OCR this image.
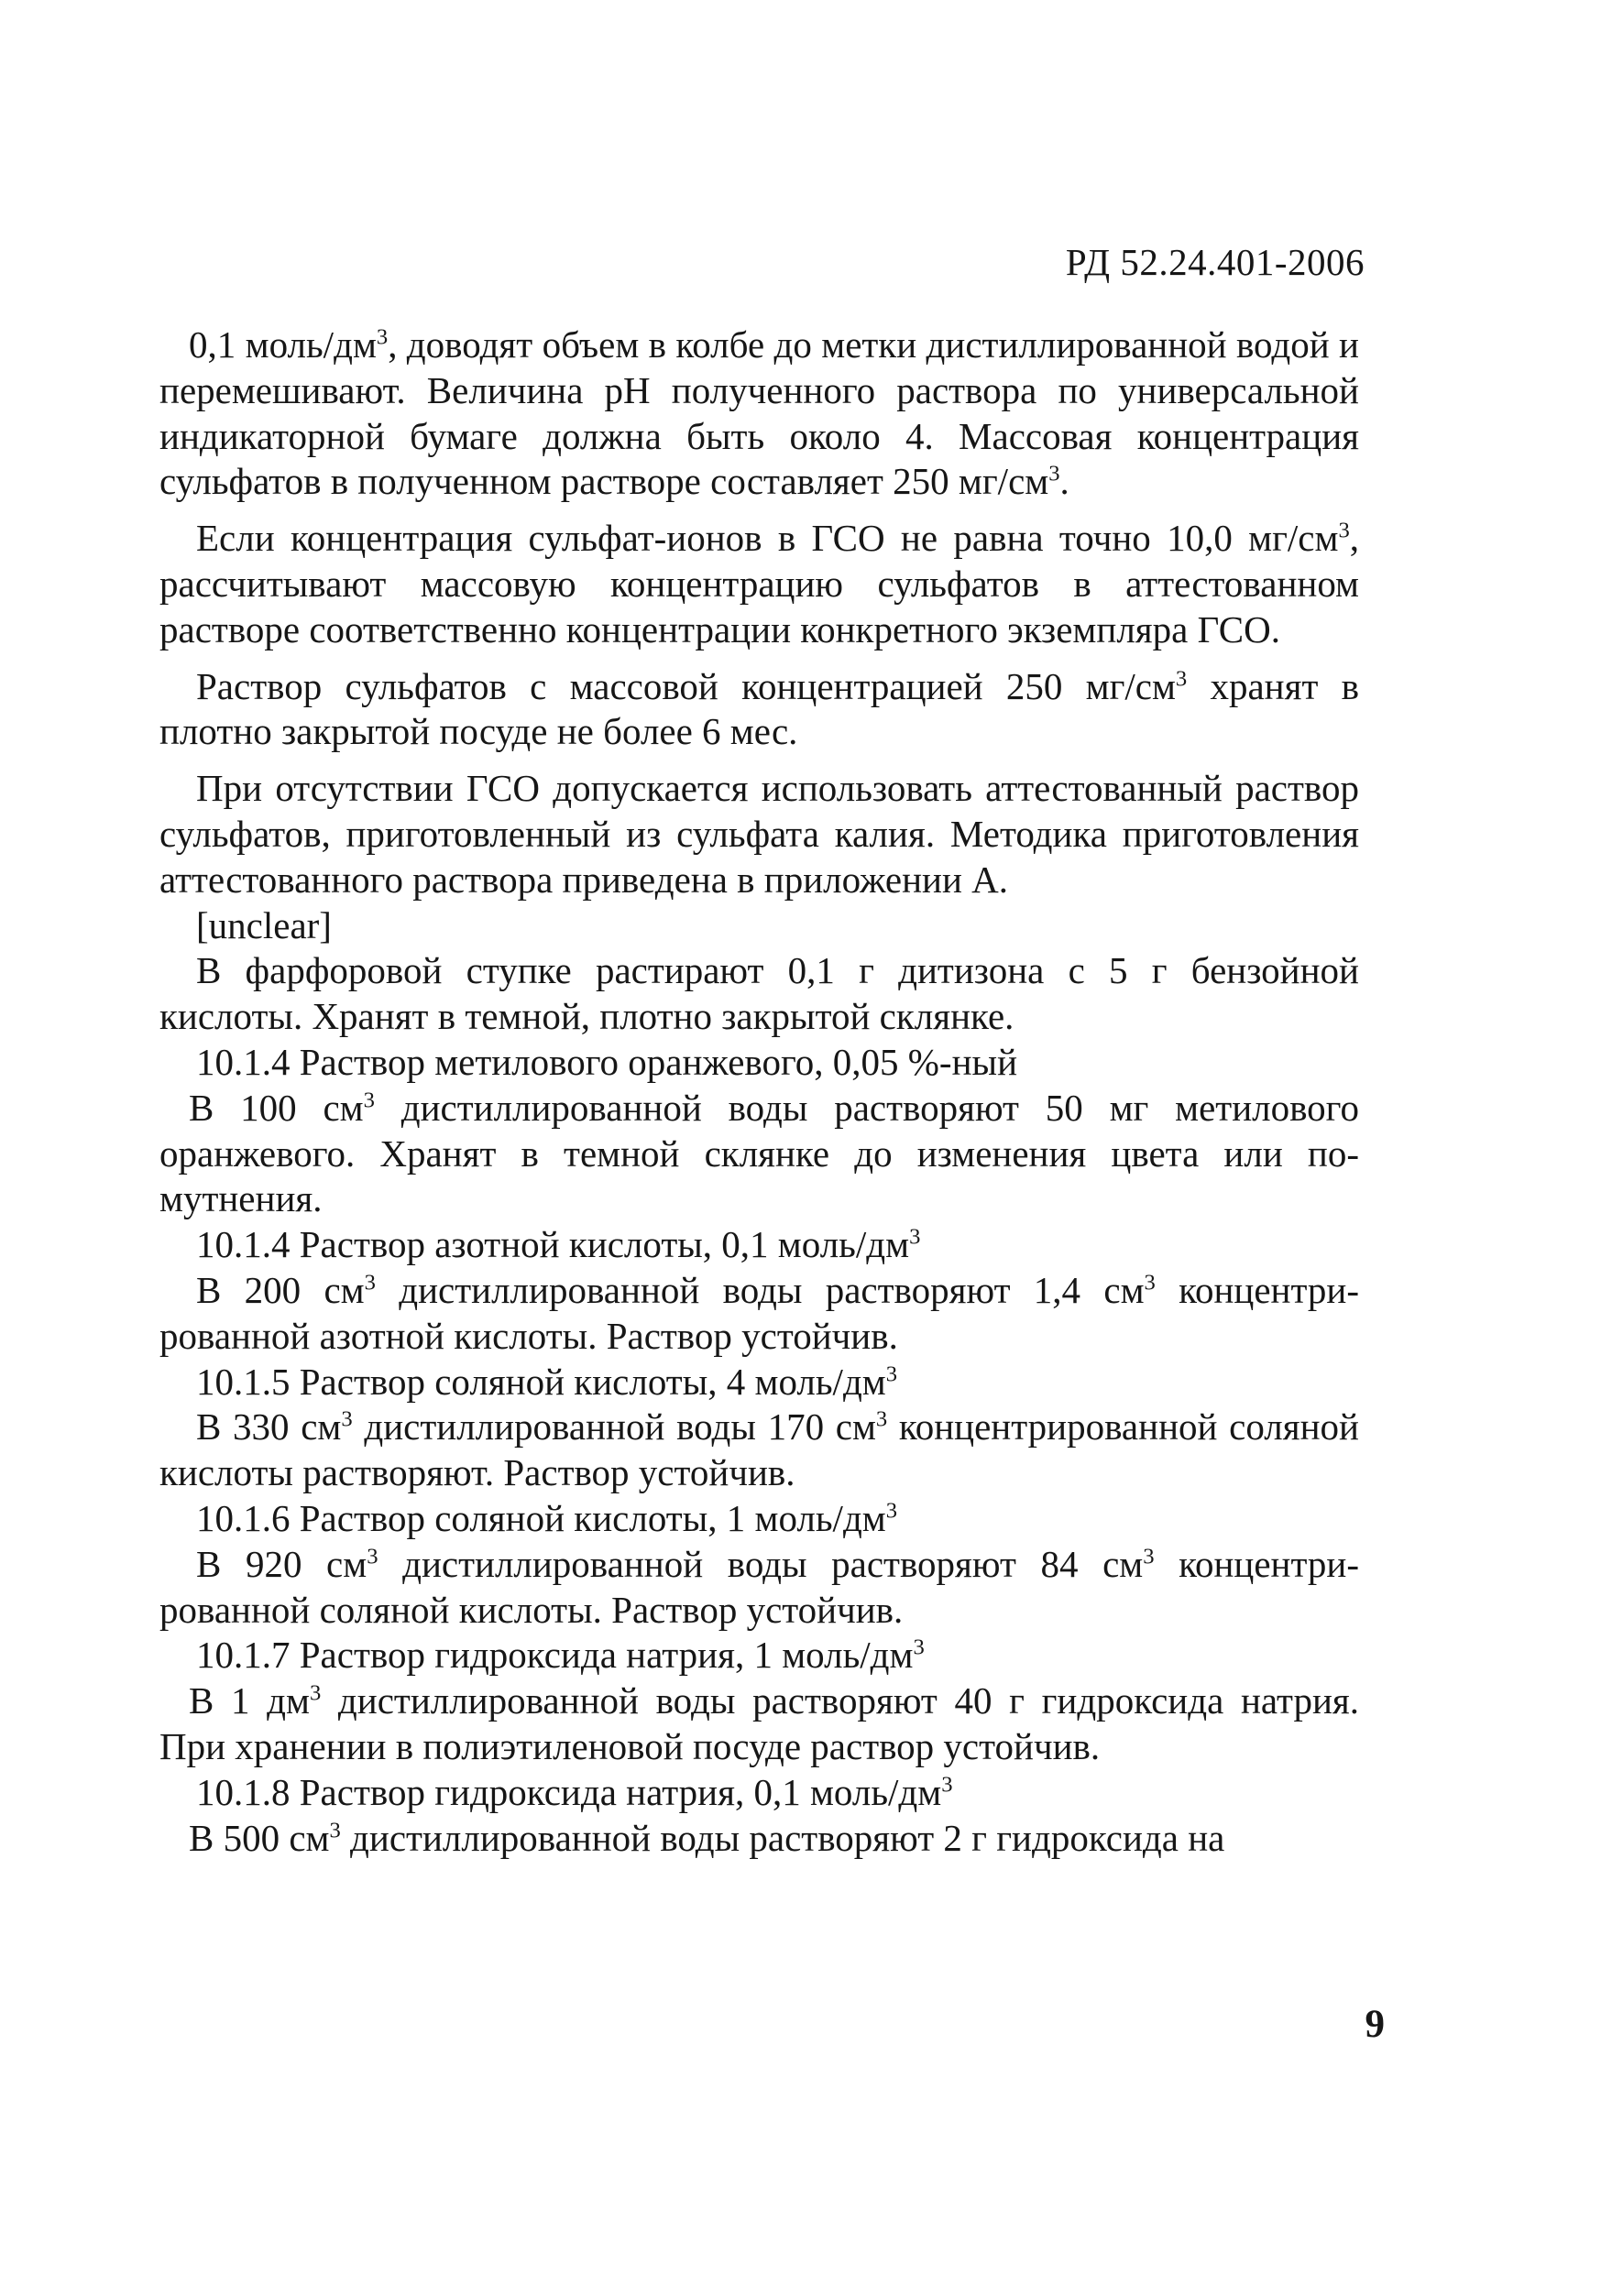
РД 52.24.401-2006

0,1 моль/$дм^3$, доводят объем в колбе до метки дистиллированной водой и перемешивают. Величина pH полученного раствора по универсальной индикаторной бумаге должна быть около 4. Массовая концентрация сульфатов в полученном растворе составляет 250 $мг/см^3$.

Если концентрация сульфат-ионов в ГСО не равна точно 10,0 $мг/см^3$, рассчитывают массовую концентрацию сульфатов в аттестованном растворе соответственно концентрации конкретного экземпляра ГСО.

Раствор сульфатов с массовой концентрацией 250 $мг/см^3$ хранят в плотно закрытой посуде не более 6 мес.

При отсутствии ГСО допускается использовать аттестованный раствор сульфатов, приготовленный из сульфата калия. Методика приготовления аттестованного раствора приведена в приложении А.

[unclear]

В фарфоровой ступке растирают 0,1 г дитизона с 5 г бензойной кислоты. Хранят в темной, плотно закрытой склянке.

10.1.4 Раствор метилового оранжевого, 0,05 %-ный

В 100 $см^3$ дистиллированной воды растворяют 50 мг метилового оранжевого. Хранят в темной склянке до изменения цвета или помутнения.

10.1.4 Раствор азотной кислоты, 0,1 моль/$дм^3$

В 200 $см^3$ дистиллированной воды растворяют 1,4 $см^3$ концентрированной азотной кислоты. Раствор устойчив.

10.1.5 Раствор соляной кислоты, 4 моль/$дм^3$

В 330 $см^3$ дистиллированной воды 170 $см^3$ концентрированной соляной кислоты растворяют. Раствор устойчив.

10.1.6 Раствор соляной кислоты, 1 моль/$дм^3$

В 920 $см^3$ дистиллированной воды растворяют 84 $см^3$ концентрированной соляной кислоты. Раствор устойчив.

10.1.7 Раствор гидроксида натрия, 1 моль/$дм^3$

В 1 $дм^3$ дистиллированной воды растворяют 40 г гидроксида натрия. При хранении в полиэтиленовой посуде раствор устойчив.

10.1.8 Раствор гидроксида натрия, 0,1 моль/$дм^3$

В 500 $см^3$ дистиллированной воды растворяют 2 г гидроксида на

9
